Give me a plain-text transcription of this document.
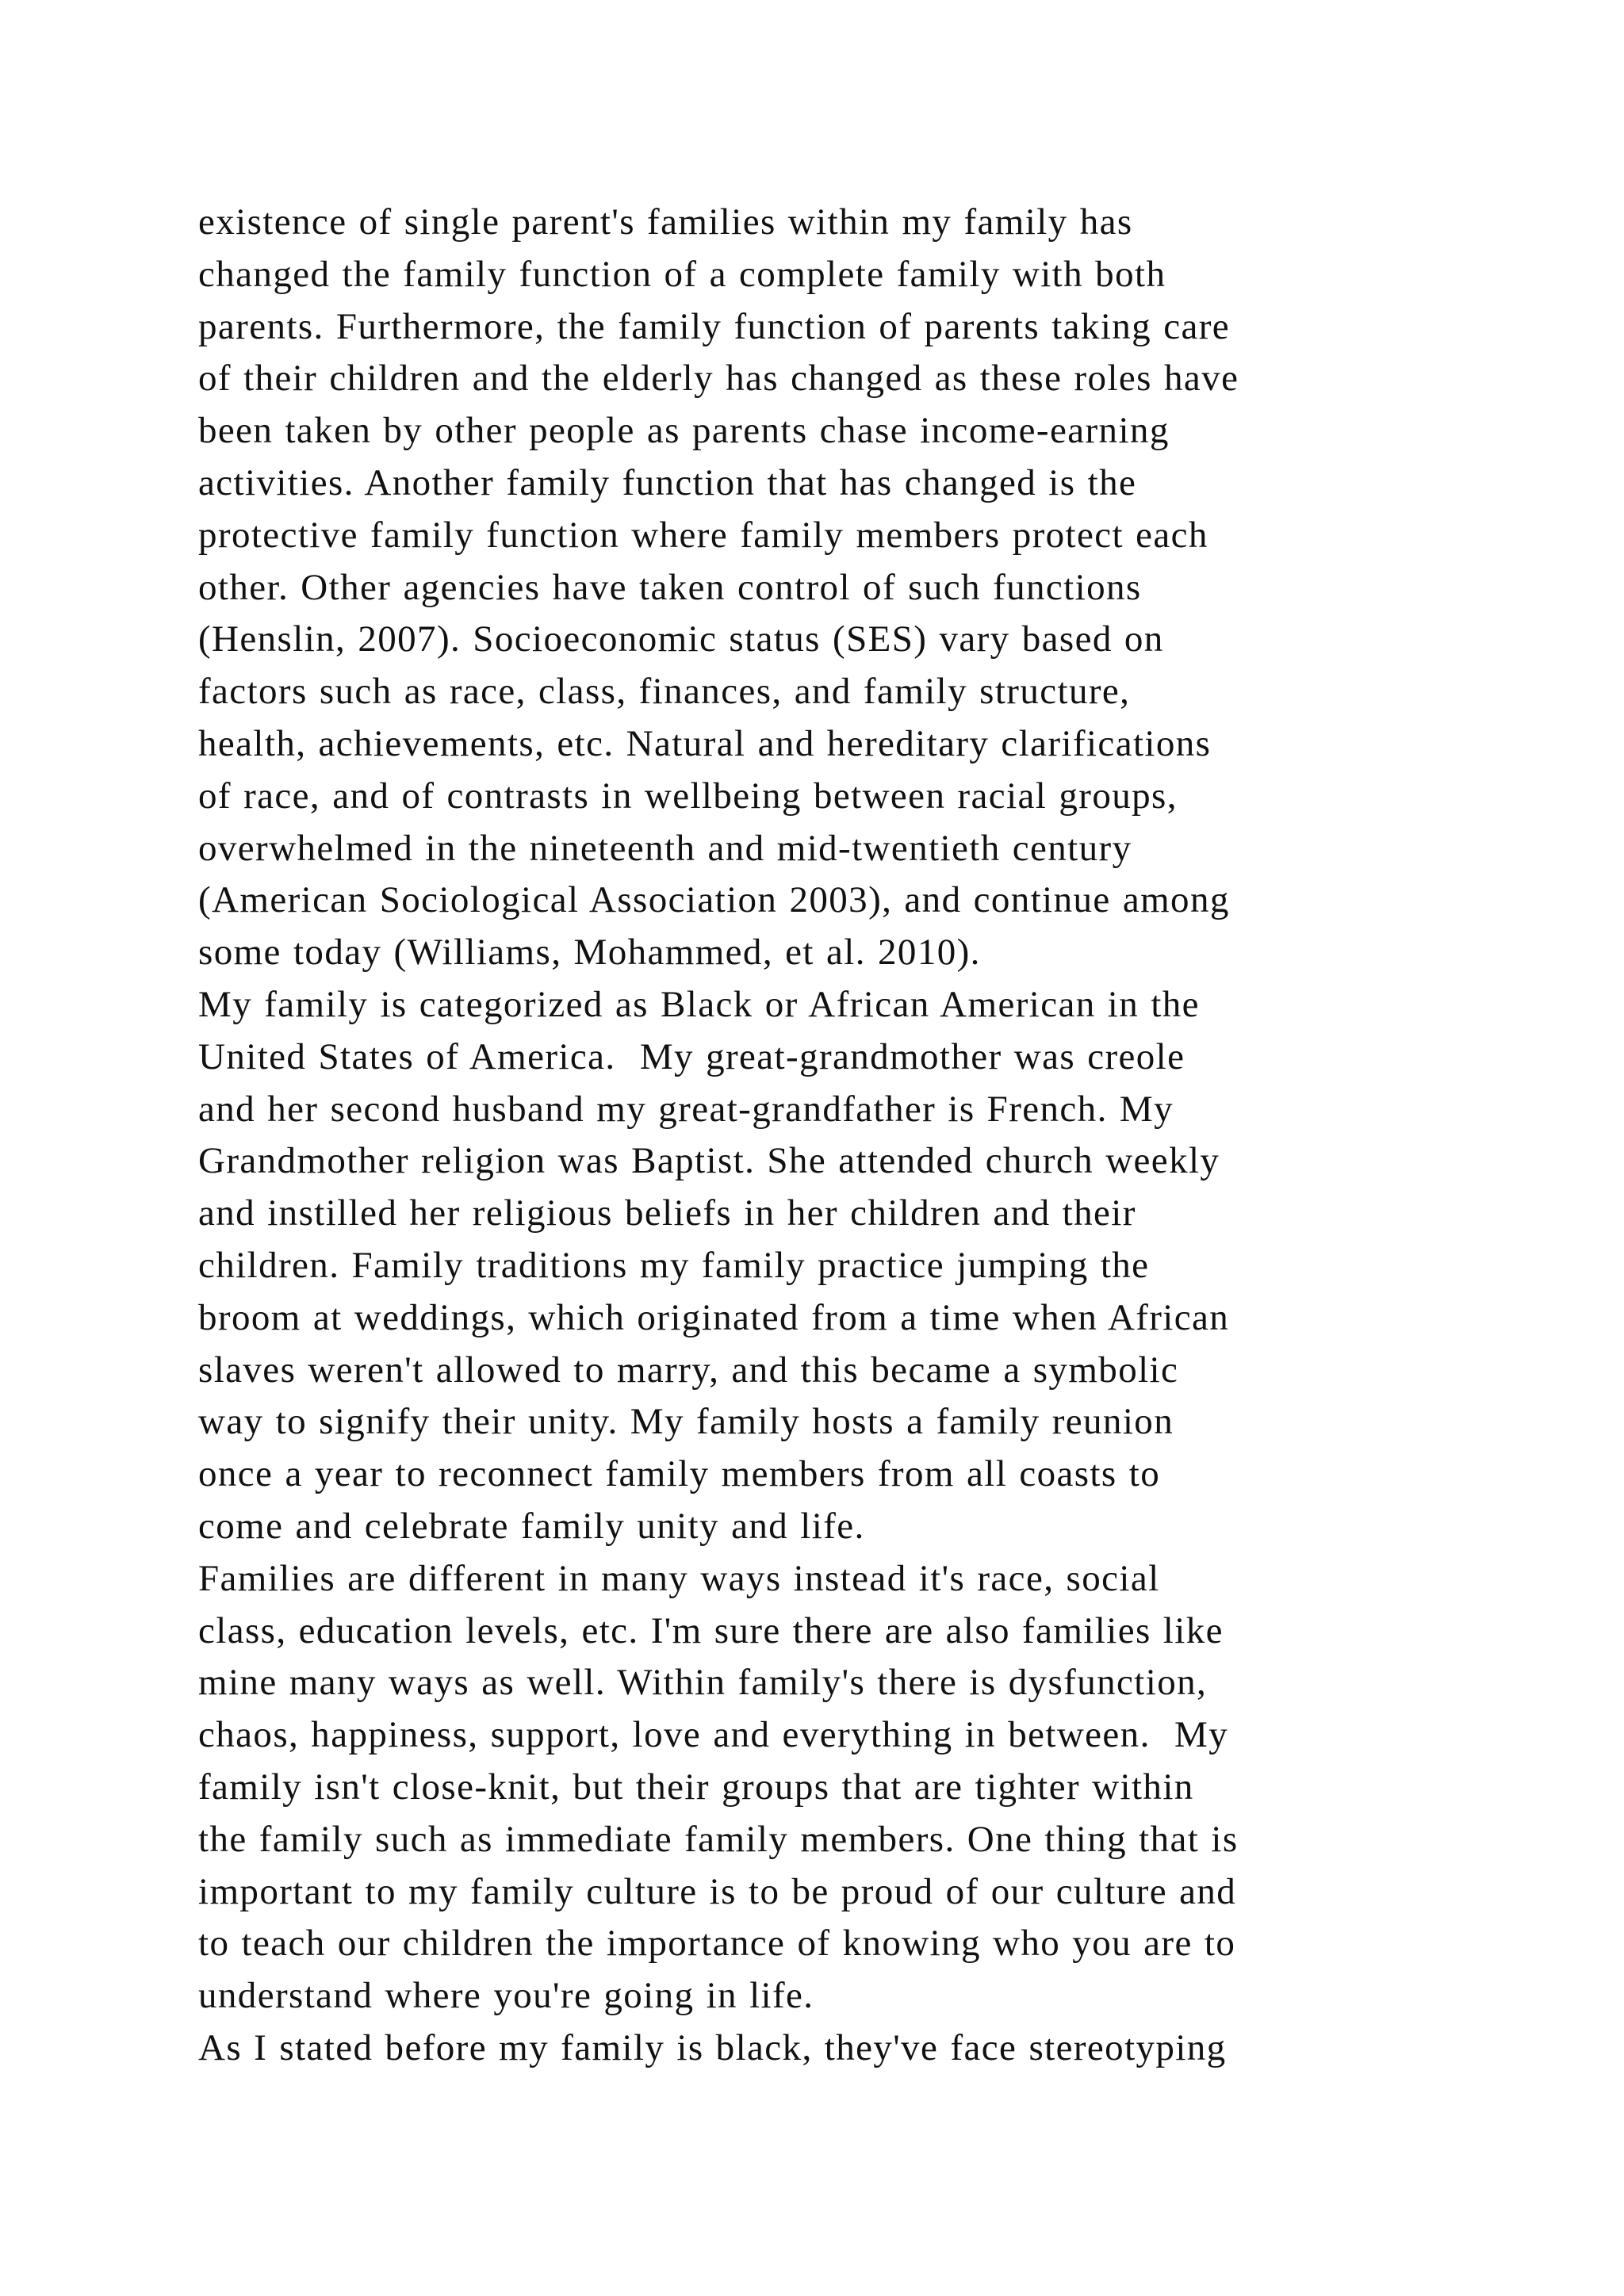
existence of single parent's families within my family has
changed the family function of a complete family with both
parents. Furthermore, the family function of parents taking care
of their children and the elderly has changed as these roles have
been taken by other people as parents chase income-earning
activities. Another family function that has changed is the
protective family function where family members protect each
other. Other agencies have taken control of such functions
(Henslin, 2007). Socioeconomic status (SES) vary based on
factors such as race, class, finances, and family structure,
health, achievements, etc. Natural and hereditary clarifications
of race, and of contrasts in wellbeing between racial groups,
overwhelmed in the nineteenth and mid-twentieth century
(American Sociological Association 2003), and continue among
some today (Williams, Mohammed, et al. 2010).
My family is categorized as Black or African American in the
United States of America.  My great-grandmother was creole
and her second husband my great-grandfather is French. My
Grandmother religion was Baptist. She attended church weekly
and instilled her religious beliefs in her children and their
children. Family traditions my family practice jumping the
broom at weddings, which originated from a time when African
slaves weren't allowed to marry, and this became a symbolic
way to signify their unity. My family hosts a family reunion
once a year to reconnect family members from all coasts to
come and celebrate family unity and life.
Families are different in many ways instead it's race, social
class, education levels, etc. I'm sure there are also families like
mine many ways as well. Within family's there is dysfunction,
chaos, happiness, support, love and everything in between.  My
family isn't close-knit, but their groups that are tighter within
the family such as immediate family members. One thing that is
important to my family culture is to be proud of our culture and
to teach our children the importance of knowing who you are to
understand where you're going in life.
As I stated before my family is black, they've face stereotyping
